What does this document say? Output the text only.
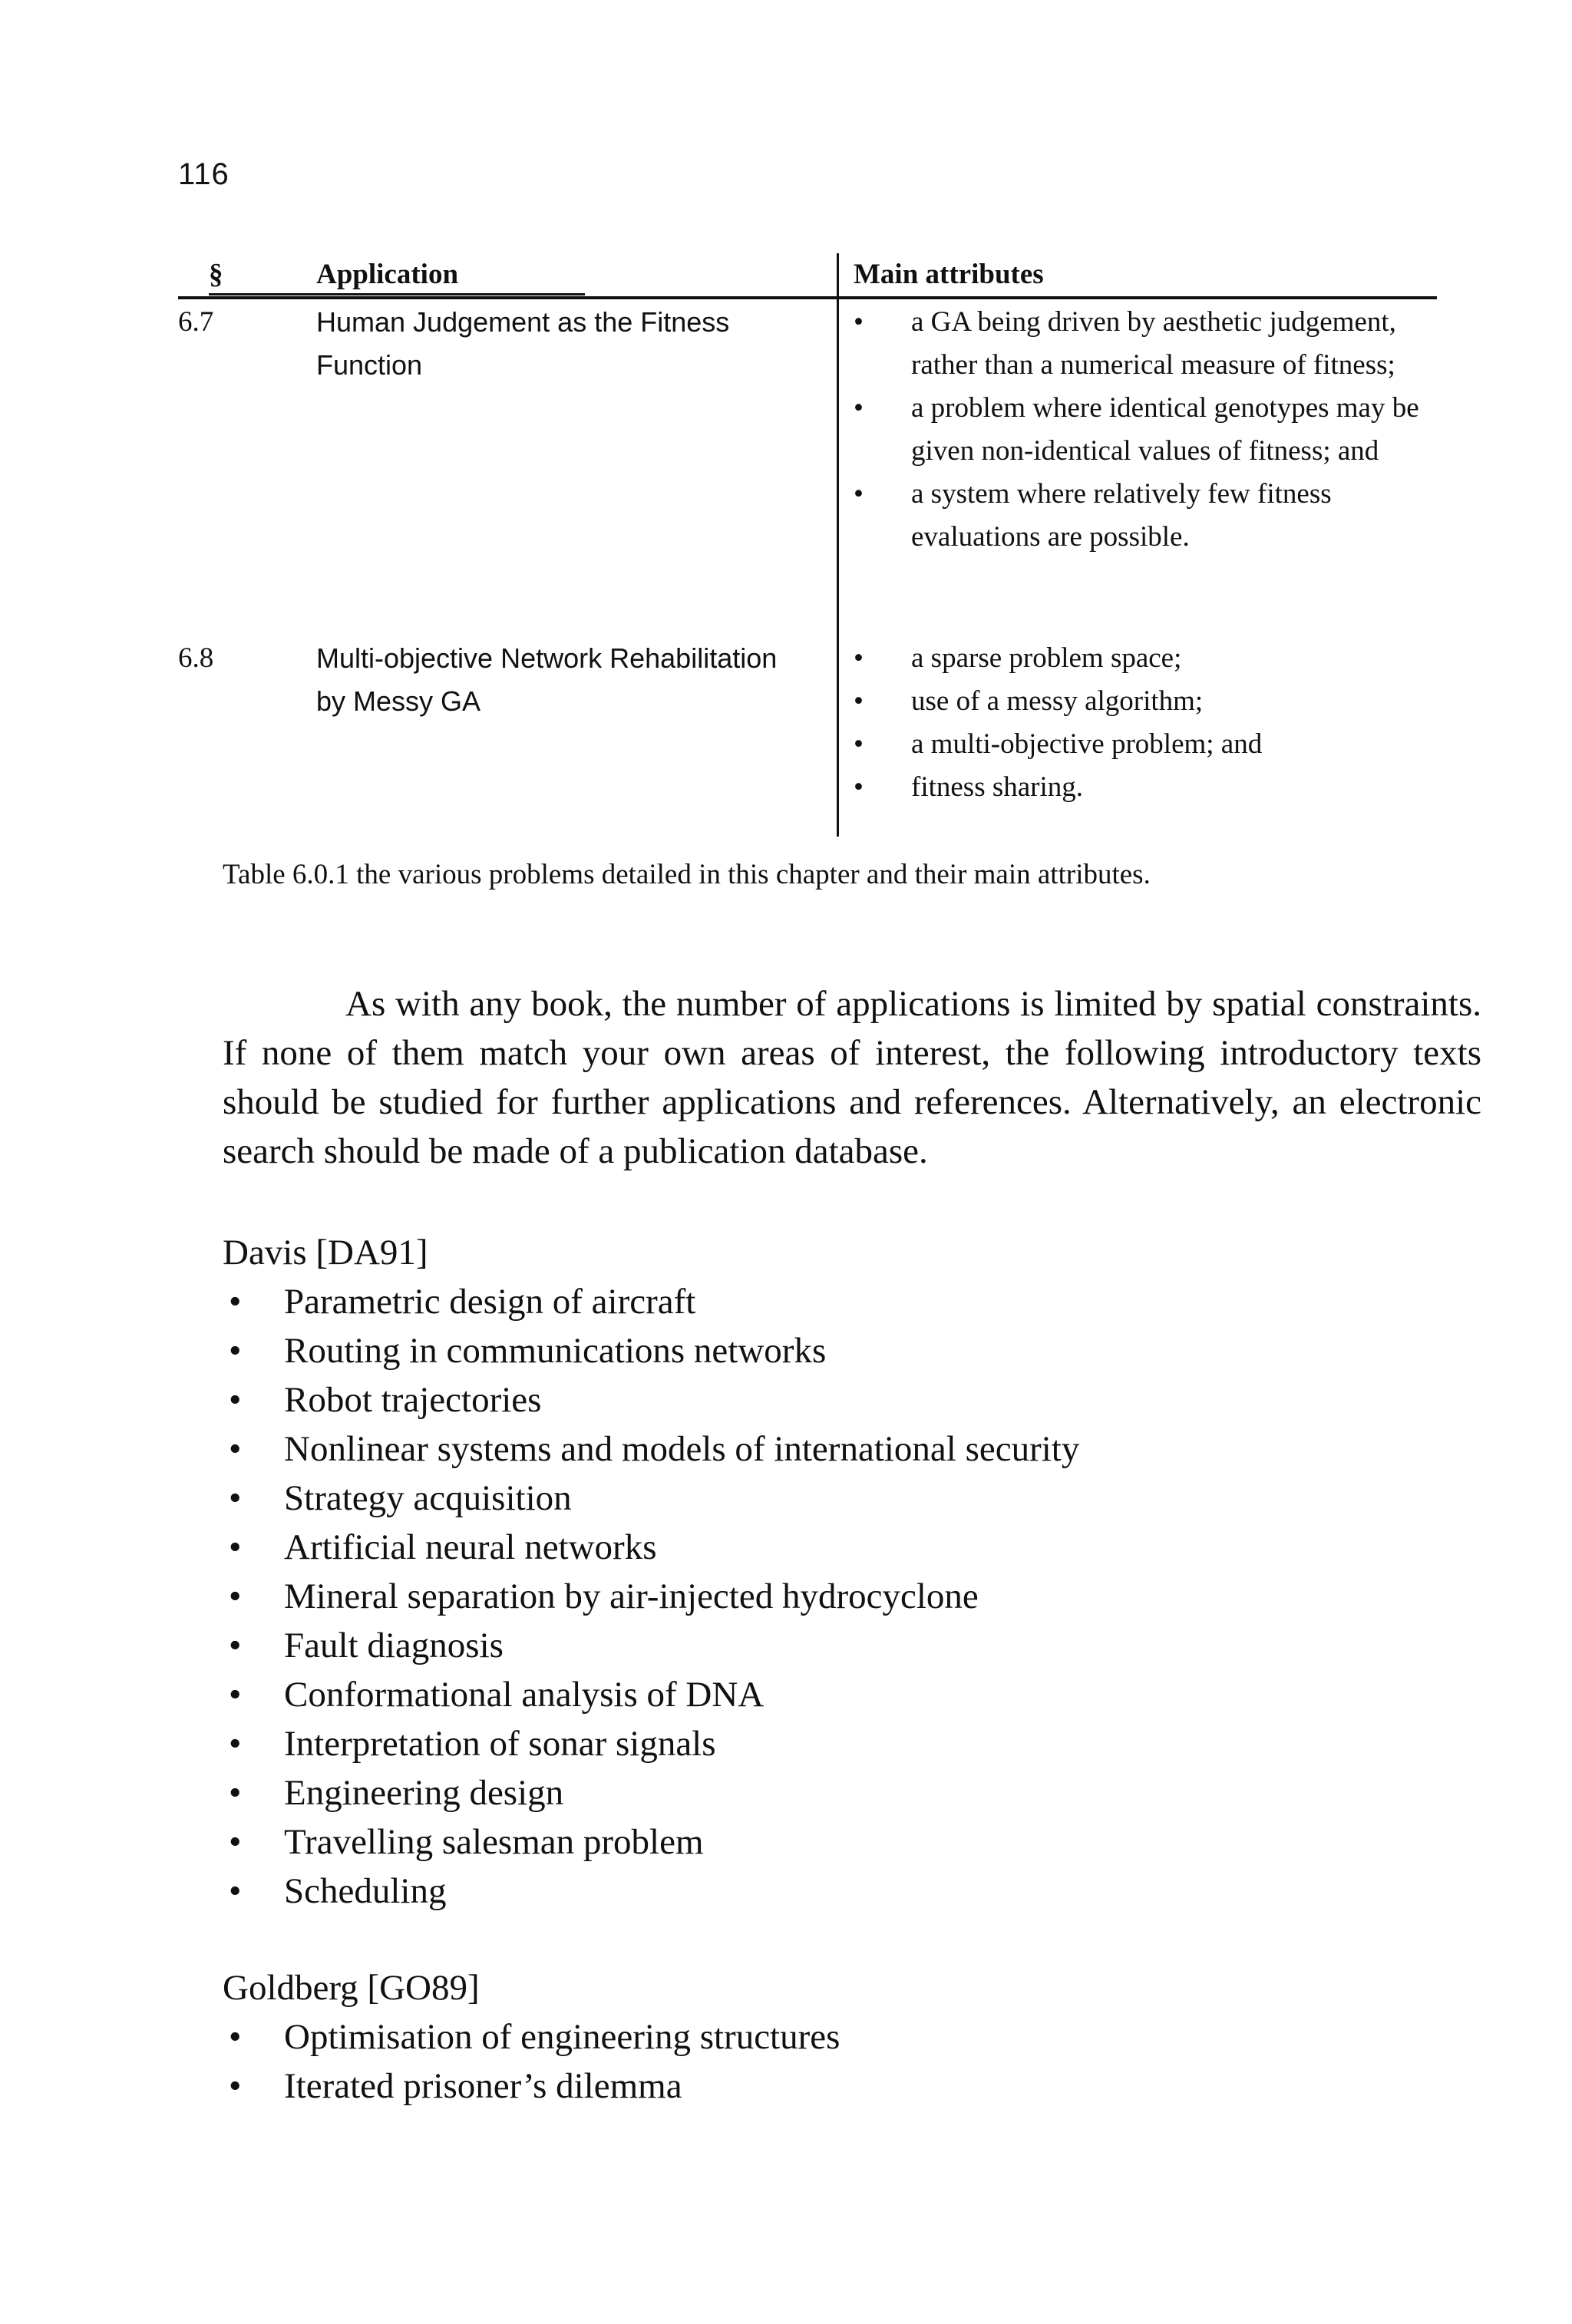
116
§	Application	Main attributes
6.7	Human Judgement as the Fitness Function
• a GA being driven by aesthetic judgement, rather than a numerical measure of fitness;
• a problem where identical genotypes may be given non-identical values of fitness; and
• a system where relatively few fitness evaluations are possible.
6.8	Multi-objective Network Rehabilitation by Messy GA
• a sparse problem space;
• use of a messy algorithm;
• a multi-objective problem; and
• fitness sharing.
Table 6.0.1 the various problems detailed in this chapter and their main attributes.

As with any book, the number of applications is limited by spatial constraints. If none of them match your own areas of interest, the following introductory texts should be studied for further applications and references. Alternatively, an electronic search should be made of a publication database.

Davis [DA91]

• Parametric design of aircraft
• Routing in communications networks
• Robot trajectories
• Nonlinear systems and models of international security
• Strategy acquisition
• Artificial neural networks
• Mineral separation by air-injected hydrocyclone
• Fault diagnosis
• Conformational analysis of DNA
• Interpretation of sonar signals
• Engineering design
• Travelling salesman problem
• Scheduling

Goldberg [GO89]

• Optimisation of engineering structures
• Iterated prisoner’s dilemma
